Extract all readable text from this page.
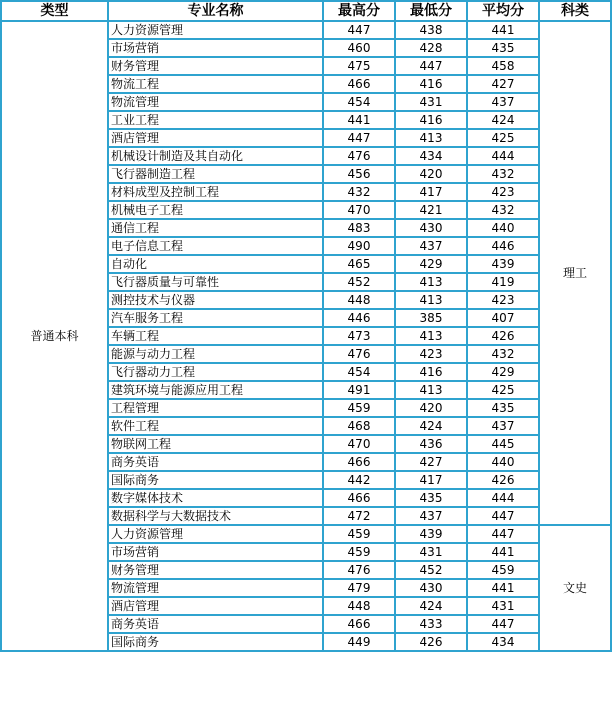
类型	专业名称	最高分	最低分	平均分	科类
普通本科	人力资源管理	447	438	441	理工
	市场营销	460	428	435	
	财务管理	475	447	458	
	物流工程	466	416	427	
	物流管理	454	431	437	
	工业工程	441	416	424	
	酒店管理	447	413	425	
	机械设计制造及其自动化	476	434	444	
	飞行器制造工程	456	420	432	
	材料成型及控制工程	432	417	423	
	机械电子工程	470	421	432	
	通信工程	483	430	440	
	电子信息工程	490	437	446	
	自动化	465	429	439	
	飞行器质量与可靠性	452	413	419	
	测控技术与仪器	448	413	423	
	汽车服务工程	446	385	407	
	车辆工程	473	413	426	
	能源与动力工程	476	423	432	
	飞行器动力工程	454	416	429	
	建筑环境与能源应用工程	491	413	425	
	工程管理	459	420	435	
	软件工程	468	424	437	
	物联网工程	470	436	445	
	商务英语	466	427	440	
	国际商务	442	417	426	
	数字媒体技术	466	435	444	
	数据科学与大数据技术	472	437	447	
	人力资源管理	459	439	447	文史
	市场营销	459	431	441	
	财务管理	476	452	459	
	物流管理	479	430	441	
	酒店管理	448	424	431	
	商务英语	466	433	447	
	国际商务	449	426	434	
